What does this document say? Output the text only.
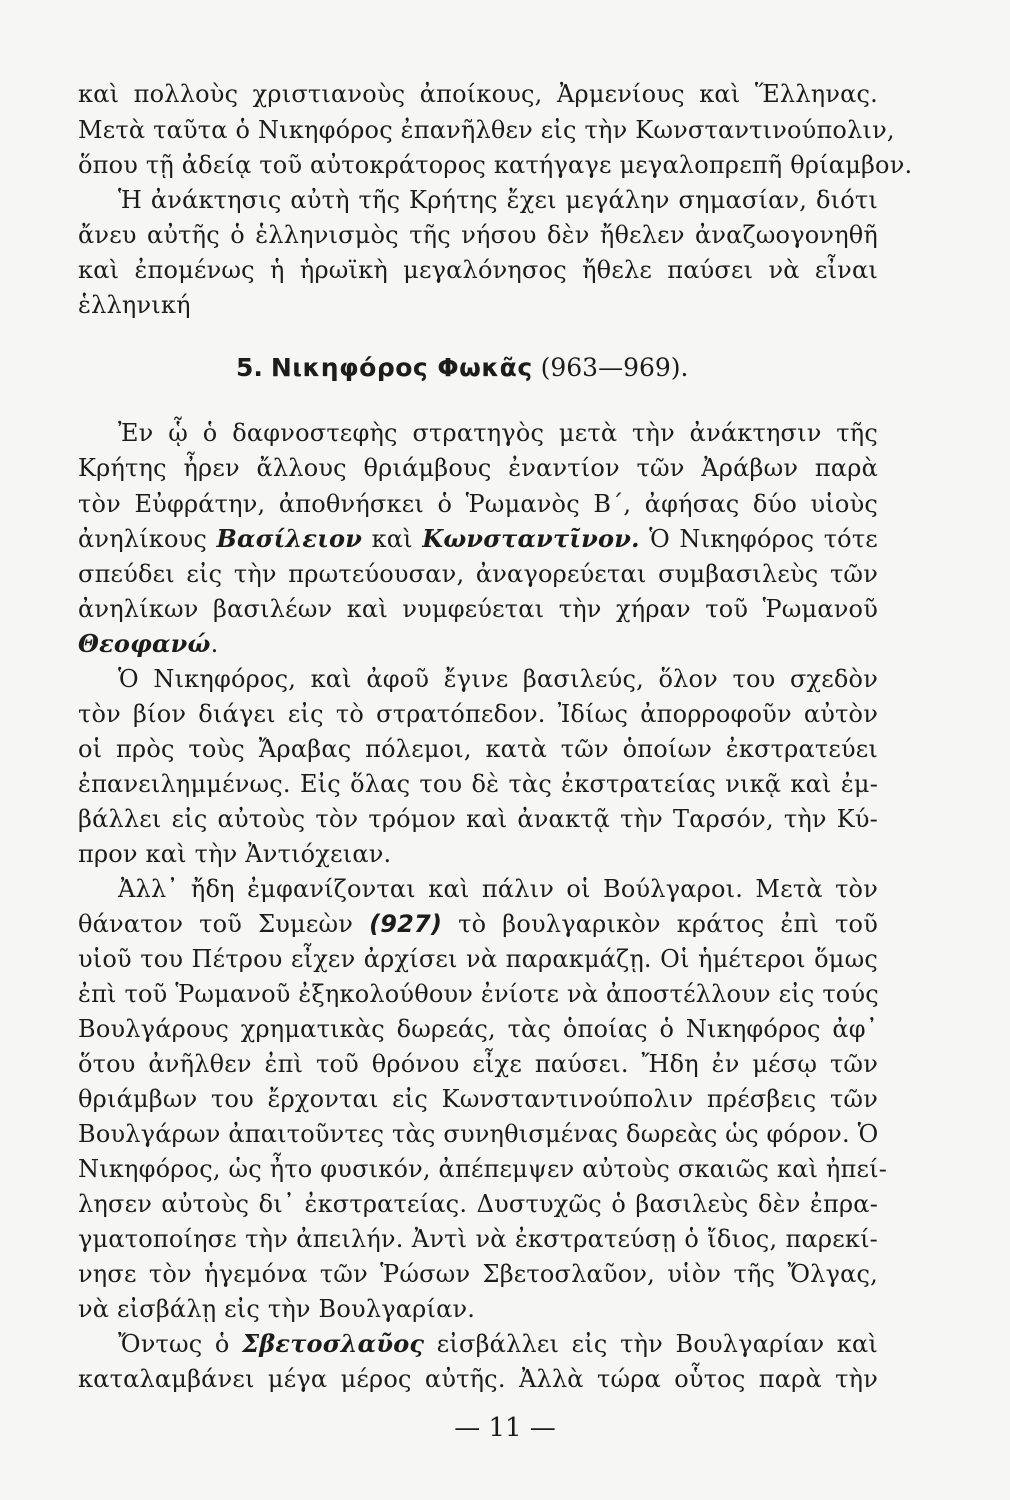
καὶ πολλοὺς χριστιανοὺς ἀποίκους, Ἀρμενίους καὶ Ἕλληνας.
Μετὰ ταῦτα ὁ Νικηφόρος ἐπανῆλθεν εἰς τὴν Κωνσταντινούπολιν,
ὅπου τῇ ἀδείᾳ τοῦ αὐτοκράτορος κατήγαγε μεγαλοπρεπῆ θρίαμβον.
Ἡ ἀνάκτησις αὐτὴ τῆς Κρήτης ἔχει μεγάλην σημασίαν, διότι
ἄνευ αὐτῆς ὁ ἑλληνισμὸς τῆς νήσου δὲν ἤθελεν ἀναζωογονηθῆ
καὶ ἐπομένως ἡ ἡρωϊκὴ μεγαλόνησος ἤθελε παύσει νὰ εἶναι
ἑλληνική
5. Νικηφόρος Φωκᾶς (963—969).
Ἐν ᾧ ὁ δαφνοστεφὴς στρατηγὸς μετὰ τὴν ἀνάκτησιν τῆς
Κρήτης ἦρεν ἄλλους θριάμβους ἐναντίον τῶν Ἀράβων παρὰ
τὸν Εὐφράτην, ἀποθνήσκει ὁ Ῥωμανὸς Β΄, ἀφήσας δύο υἱοὺς
ἀνηλίκους Βασίλειον καὶ Κωνσταντῖνον. Ὁ Νικηφόρος τότε
σπεύδει εἰς τὴν πρωτεύουσαν, ἀναγορεύεται συμβασιλεὺς τῶν
ἀνηλίκων βασιλέων καὶ νυμφεύεται τὴν χήραν τοῦ Ῥωμανοῦ
Θεοφανώ.
Ὁ Νικηφόρος, καὶ ἀφοῦ ἔγινε βασιλεύς, ὅλον του σχεδὸν
τὸν βίον διάγει εἰς τὸ στρατόπεδον. Ἰδίως ἀπορροφοῦν αὐτὸν
οἱ πρὸς τοὺς Ἄραβας πόλεμοι, κατὰ τῶν ὁποίων ἐκστρατεύει
ἐπανειλημμένως. Εἰς ὅλας του δὲ τὰς ἐκστρατείας νικᾷ καὶ ἐμ-
βάλλει εἰς αὐτοὺς τὸν τρόμον καὶ ἀνακτᾷ τὴν Ταρσόν, τὴν Κύ-
προν καὶ τὴν Ἀντιόχειαν.
Ἀλλ᾽ ἤδη ἐμφανίζονται καὶ πάλιν οἱ Βούλγαροι. Μετὰ τὸν
θάνατον τοῦ Συμεὼν (927) τὸ βουλγαρικὸν κράτος ἐπὶ τοῦ
υἱοῦ του Πέτρου εἶχεν ἀρχίσει νὰ παρακμάζῃ. Οἱ ἡμέτεροι ὅμως
ἐπὶ τοῦ Ῥωμανοῦ ἐξηκολούθουν ἐνίοτε νὰ ἀποστέλλουν εἰς τούς
Βουλγάρους χρηματικὰς δωρεάς, τὰς ὁποίας ὁ Νικηφόρος ἀφ᾽
ὅτου ἀνῆλθεν ἐπὶ τοῦ θρόνου εἶχε παύσει. Ἤδη ἐν μέσῳ τῶν
θριάμβων του ἔρχονται εἰς Κωνσταντινούπολιν πρέσβεις τῶν
Βουλγάρων ἀπαιτοῦντες τὰς συνηθισμένας δωρεὰς ὡς φόρον. Ὁ
Νικηφόρος, ὡς ἦτο φυσικόν, ἀπέπεμψεν αὐτοὺς σκαιῶς καὶ ἠπεί-
λησεν αὐτοὺς δι᾽ ἐκστρατείας. Δυστυχῶς ὁ βασιλεὺς δὲν ἐπρα-
γματοποίησε τὴν ἀπειλήν. Ἀντὶ νὰ ἐκστρατεύσῃ ὁ ἴδιος, παρεκί-
νησε τὸν ἡγεμόνα τῶν Ῥώσων Σβετοσλαῦον, υἱὸν τῆς Ὄλγας,
νὰ εἰσβάλῃ εἰς τὴν Βουλγαρίαν.
Ὄντως ὁ Σβετοσλαῦος εἰσβάλλει εἰς τὴν Βουλγαρίαν καὶ
καταλαμβάνει μέγα μέρος αὐτῆς. Ἀλλὰ τώρα οὗτος παρὰ τὴν
— 11 —
